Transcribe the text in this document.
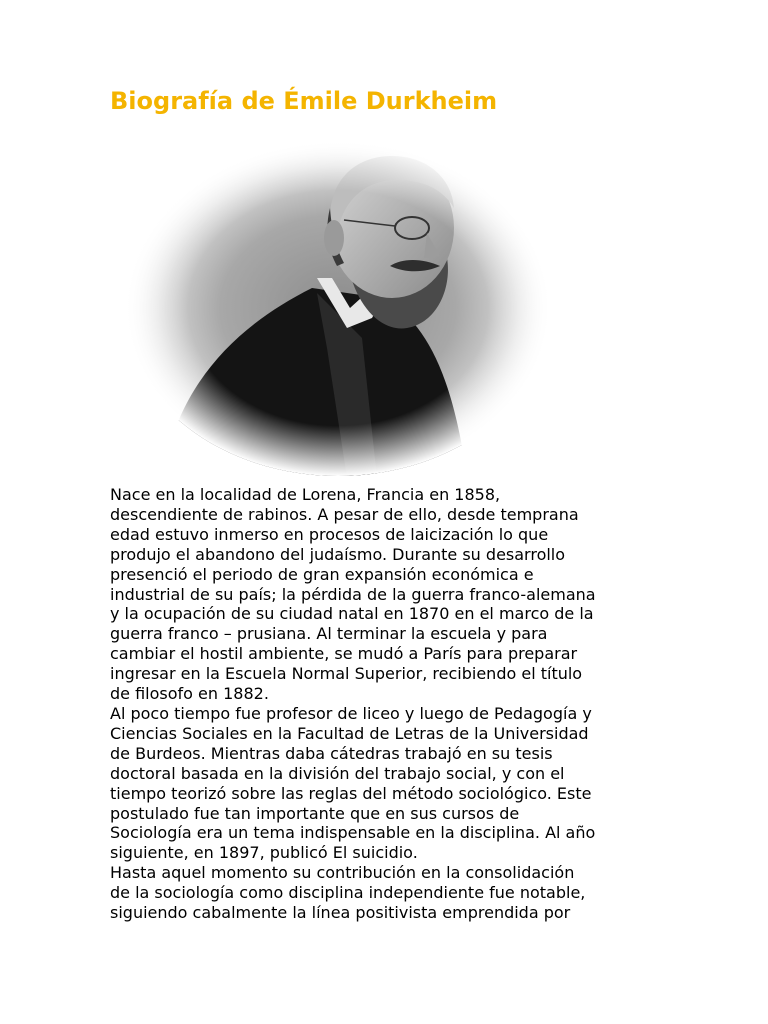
Biografía de Émile Durkheim
Nace en la localidad de Lorena, Francia en 1858,
descendiente de rabinos. A pesar de ello, desde temprana
edad estuvo inmerso en procesos de laicización lo que
produjo el abandono del judaísmo. Durante su desarrollo
presenció el periodo de gran expansión económica e
industrial de su país; la pérdida de la guerra franco-alemana
y la ocupación de su ciudad natal en 1870 en el marco de la
guerra franco – prusiana. Al terminar la escuela y para
cambiar el hostil ambiente, se mudó a París para preparar
ingresar en la Escuela Normal Superior, recibiendo el título
de filosofo en 1882.
Al poco tiempo fue profesor de liceo y luego de Pedagogía y
Ciencias Sociales en la Facultad de Letras de la Universidad
de Burdeos. Mientras daba cátedras trabajó en su tesis
doctoral basada en la división del trabajo social, y con el
tiempo teorizó sobre las reglas del método sociológico. Este
postulado fue tan importante que en sus cursos de
Sociología era un tema indispensable en la disciplina. Al año
siguiente, en 1897, publicó El suicidio.
Hasta aquel momento su contribución en la consolidación
de la sociología como disciplina independiente fue notable,
siguiendo cabalmente la línea positivista emprendida por
